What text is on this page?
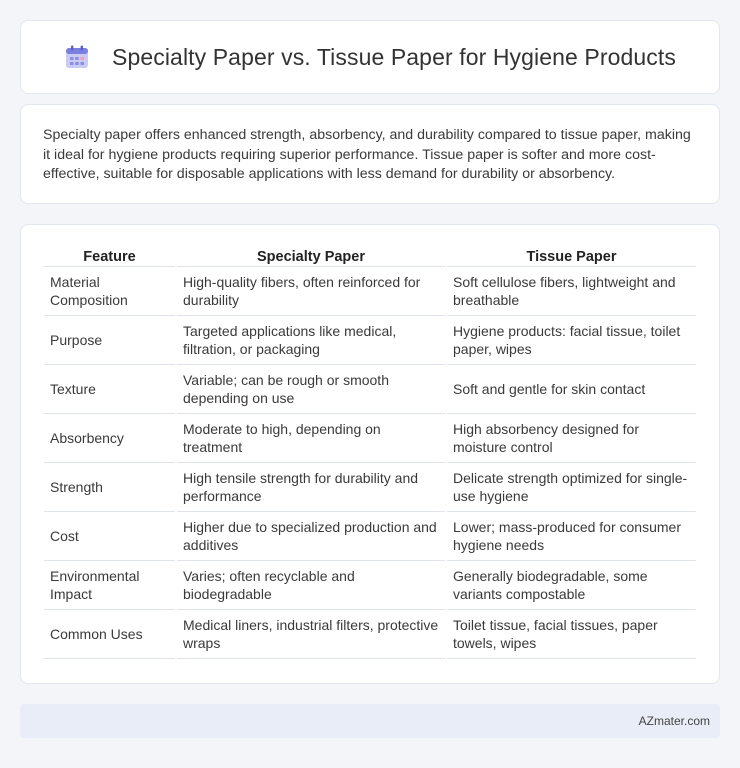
Specialty Paper vs. Tissue Paper for Hygiene Products

Specialty paper offers enhanced strength, absorbency, and durability compared to tissue paper, making it ideal for hygiene products requiring superior performance. Tissue paper is softer and more cost-effective, suitable for disposable applications with less demand for durability or absorbency.

Feature	Specialty Paper	Tissue Paper
Material Composition	High-quality fibers, often reinforced for durability	Soft cellulose fibers, lightweight and breathable
Purpose	Targeted applications like medical, filtration, or packaging	Hygiene products: facial tissue, toilet paper, wipes
Texture	Variable; can be rough or smooth depending on use	Soft and gentle for skin contact
Absorbency	Moderate to high, depending on treatment	High absorbency designed for moisture control
Strength	High tensile strength for durability and performance	Delicate strength optimized for single-use hygiene
Cost	Higher due to specialized production and additives	Lower; mass-produced for consumer hygiene needs
Environmental Impact	Varies; often recyclable and biodegradable	Generally biodegradable, some variants compostable
Common Uses	Medical liners, industrial filters, protective wraps	Toilet tissue, facial tissues, paper towels, wipes
AZmater.com
